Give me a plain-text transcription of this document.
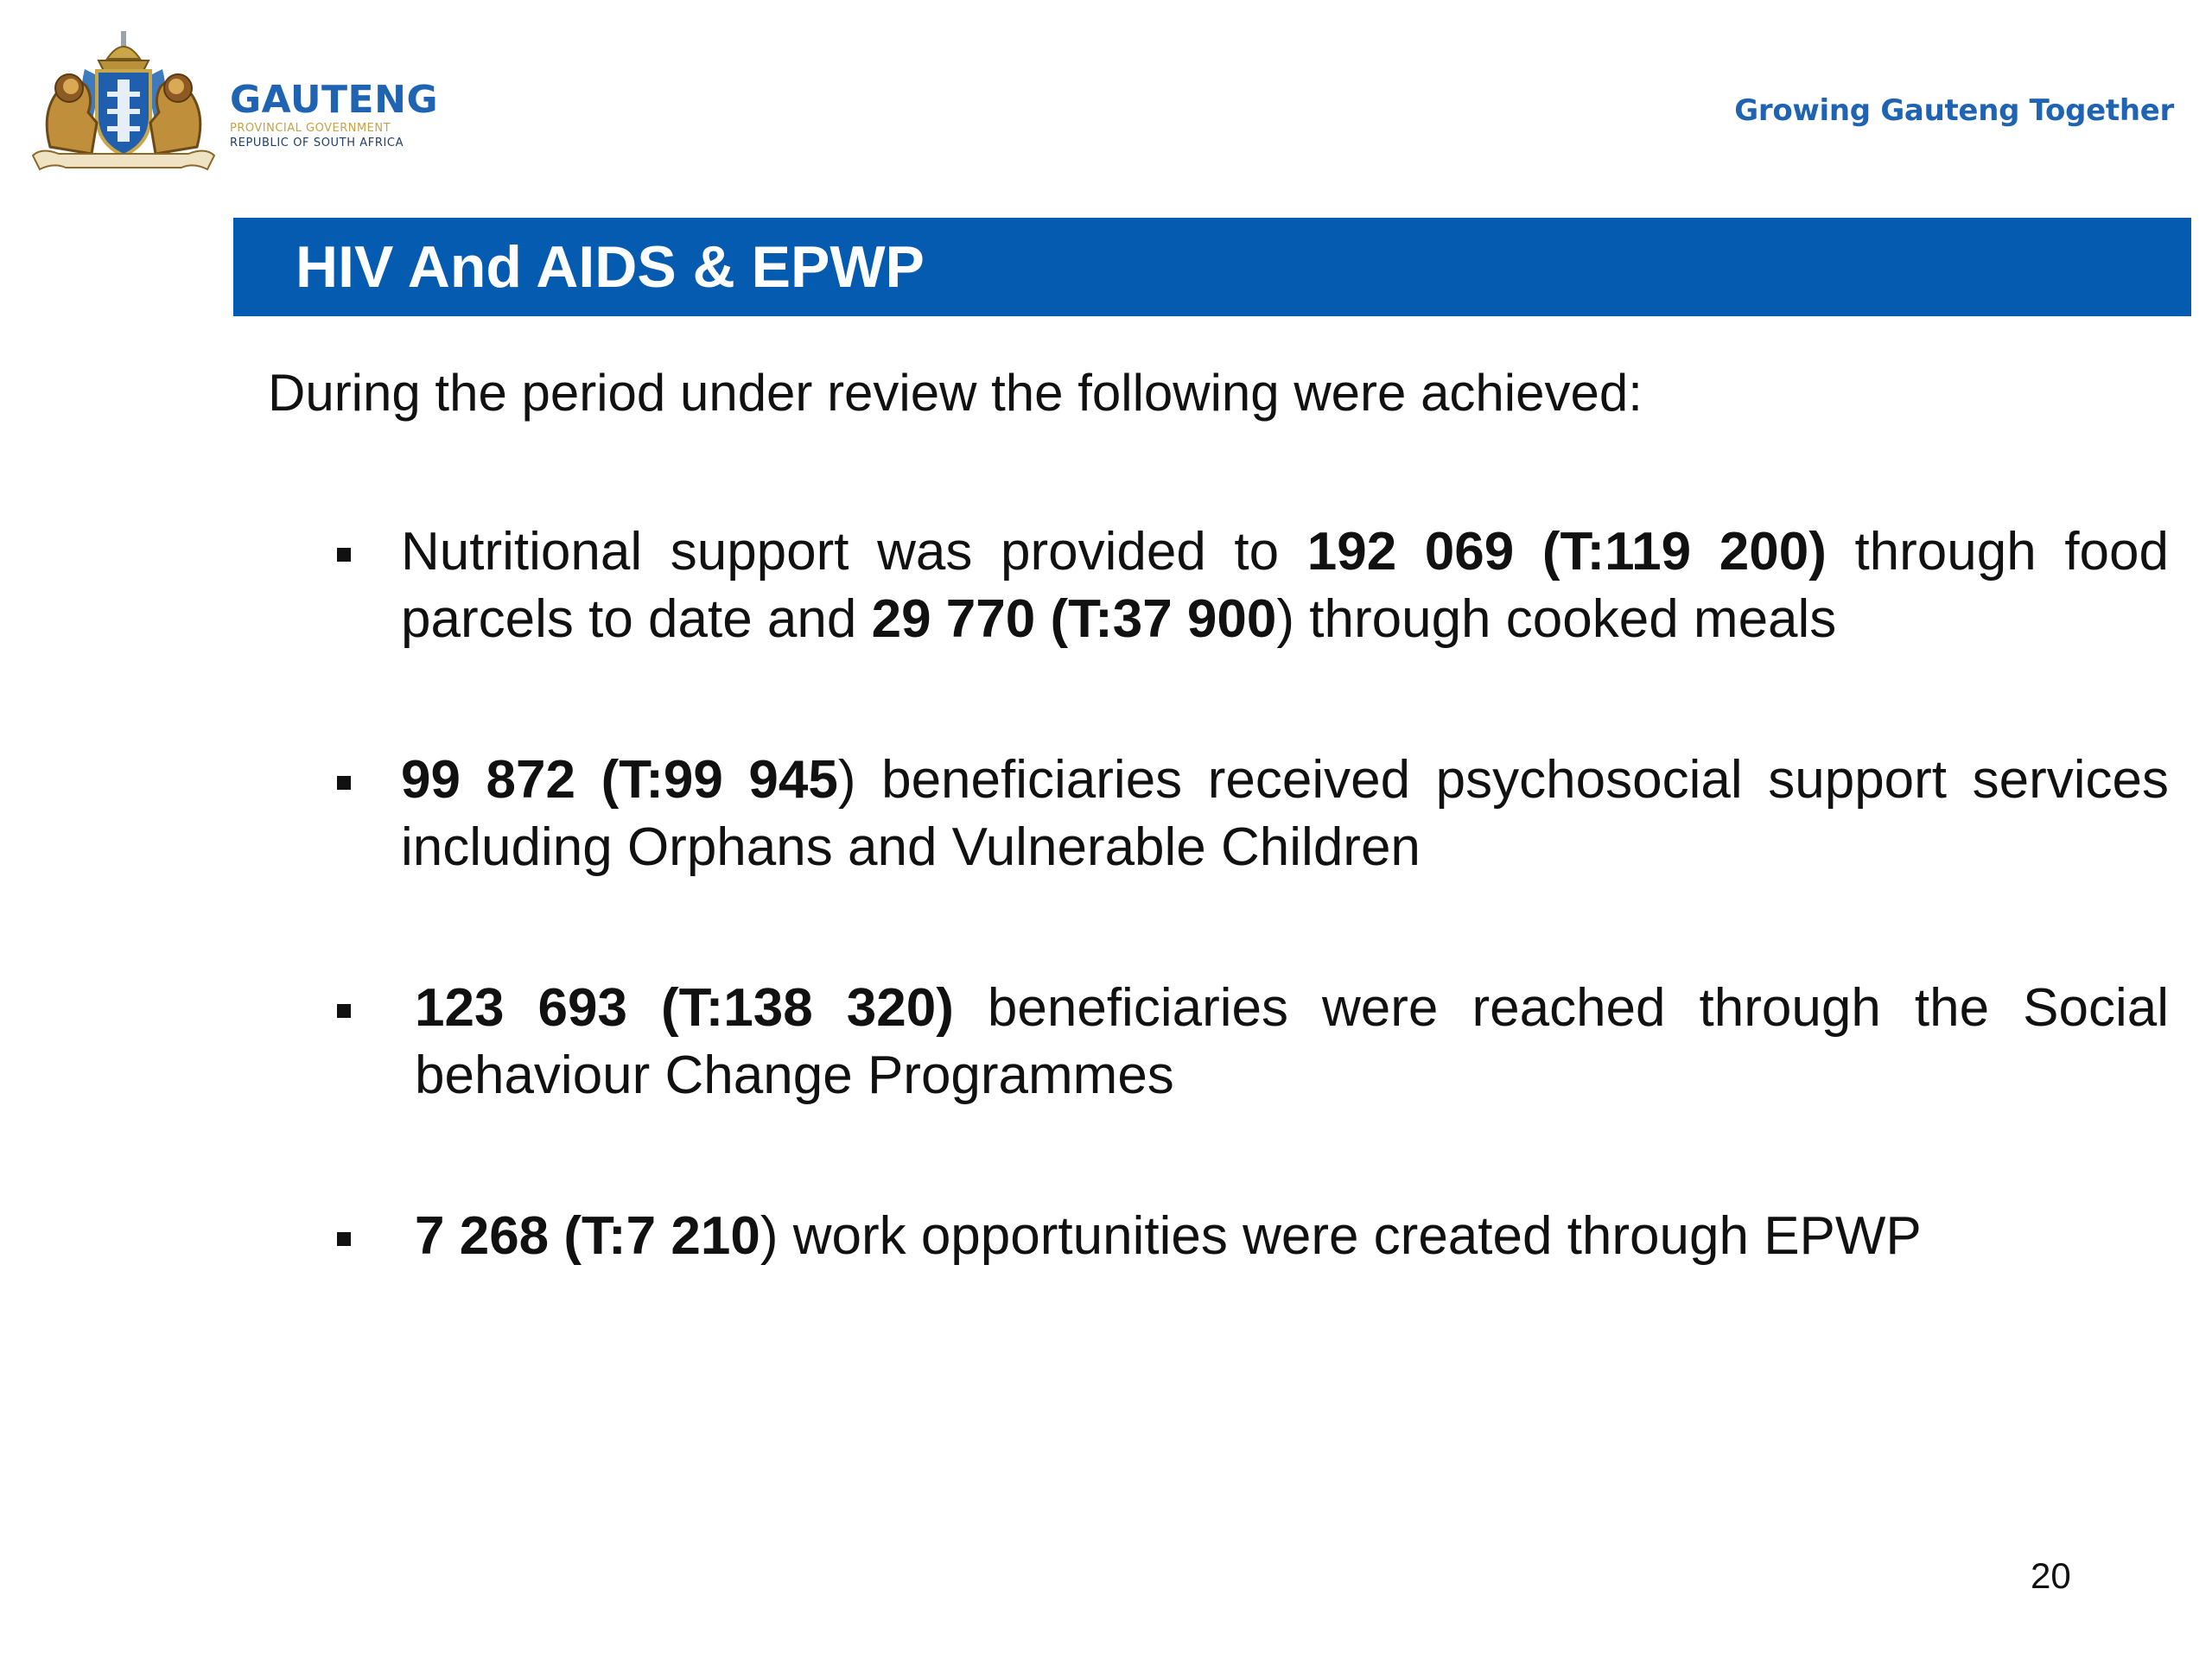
GAUTENG
PROVINCIAL GOVERNMENT
REPUBLIC OF SOUTH AFRICA
Growing Gauteng Together
HIV And AIDS & EPWP
During the period under review the following were achieved:
Nutritional support was provided to 192 069 (T:119 200) through food parcels to date and 29 770 (T:37 900) through cooked meals
99 872 (T:99 945) beneficiaries received psychosocial support services including Orphans and Vulnerable Children
123 693 (T:138 320) beneficiaries were reached through the Social behaviour Change Programmes
7 268 (T:7 210) work opportunities were created through EPWP
20
